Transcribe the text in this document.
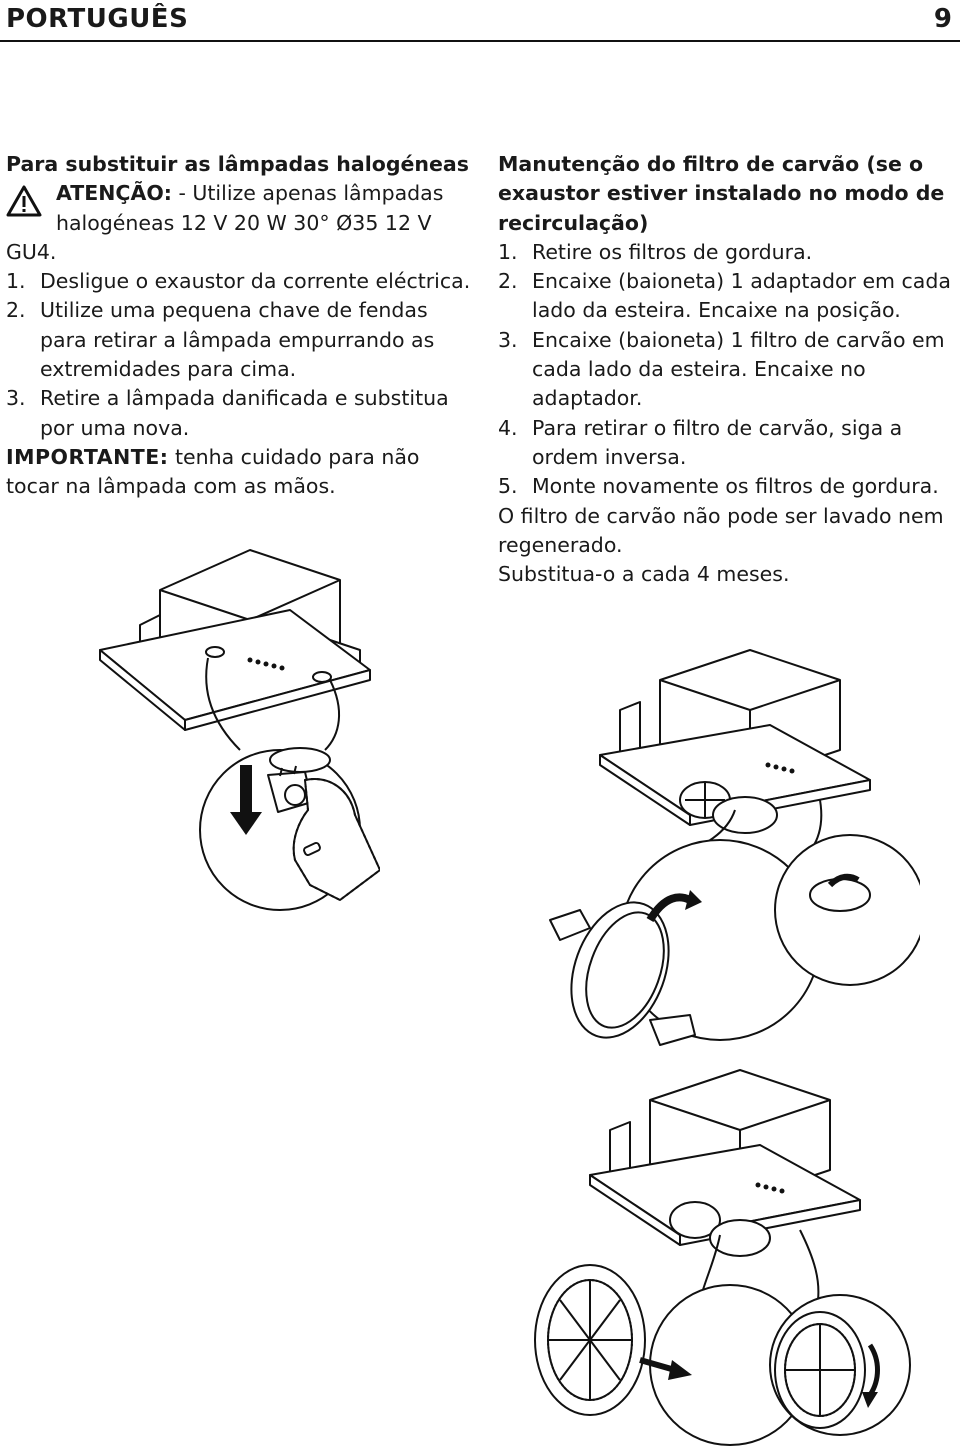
PORTUGUÊS	9
Para substituir as lâmpadas halogéneas
ATENÇÃO: - Utilize apenas lâmpadas
halogéneas 12 V 20 W 30° Ø35 12 V
GU4.
1. Desligue o exaustor da corrente eléctrica.
2. Utilize uma pequena chave de fendas para retirar a lâmpada empurrando as extremidades para cima.
3. Retire a lâmpada danificada e substitua por uma nova.
IMPORTANTE: tenha cuidado para não tocar na lâmpada com as mãos.
Manutenção do filtro de carvão (se o exaustor estiver instalado no modo de recirculação)
1. Retire os filtros de gordura.
2. Encaixe (baioneta) 1 adaptador em cada lado da esteira. Encaixe na posição.
3. Encaixe (baioneta) 1 filtro de carvão em cada lado da esteira. Encaixe no adaptador.
4. Para retirar o filtro de carvão, siga a ordem inversa.
5. Monte novamente os filtros de gordura.
O filtro de carvão não pode ser lavado nem regenerado.
Substitua-o a cada 4 meses.
